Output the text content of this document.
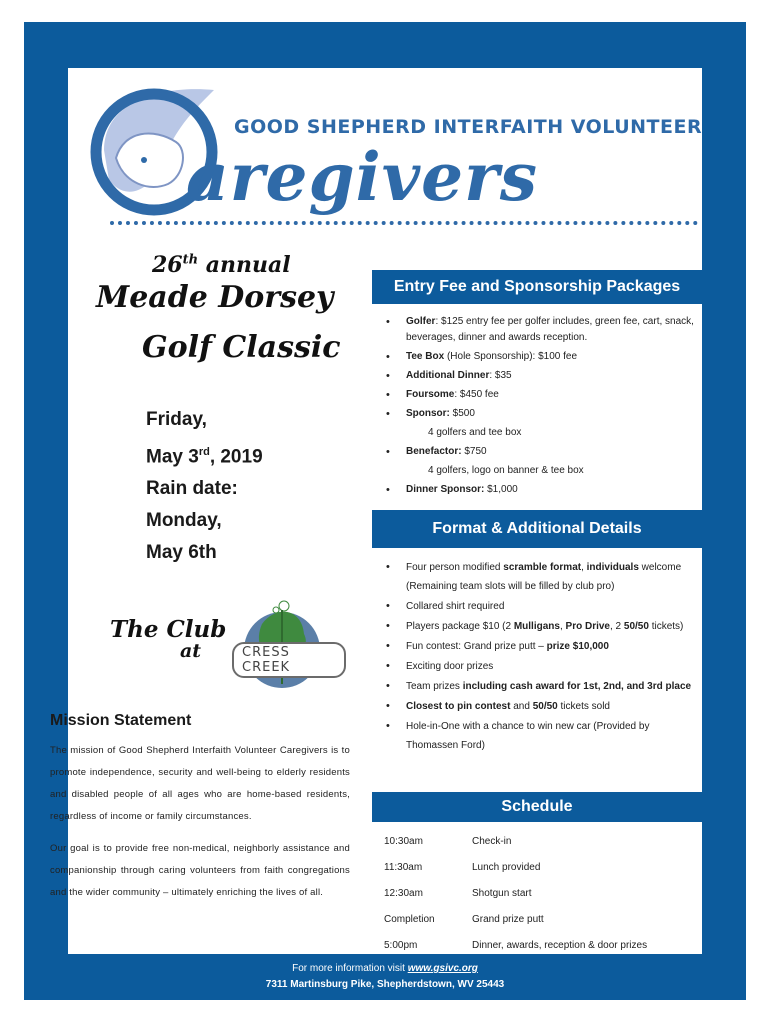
GOOD SHEPHERD INTERFAITH VOLUNTEER
aregivers
26th annual
Meade Dorsey
Golf Classic
Friday,
May 3rd, 2019
Rain date:
Monday,
May 6th
The Club
at	CRESS CREEK
Mission Statement

The mission of Good Shepherd Interfaith Volunteer Caregivers is to promote independence, security and well-being to elderly residents and disabled people of all ages who are home-based residents, regardless of income or family circumstances.

Our goal is to provide free non-medical, neighborly assistance and companionship through caring volunteers from faith congregations and the wider community – ultimately enriching the lives of all.

Entry Fee and Sponsorship Packages
• Golfer: $125 entry fee per golfer includes, green fee, cart, snack, beverages, dinner and awards reception.
• Tee Box (Hole Sponsorship): $100 fee
• Additional Dinner: $35
• Foursome: $450 fee
• Sponsor: $500
4 golfers and tee box
• Benefactor: $750
4 golfers, logo on banner & tee box
• Dinner Sponsor: $1,000
Format & Additional Details
• Four person modified scramble format, individuals welcome (Remaining team slots will be filled by club pro)
• Collared shirt required
• Players package $10 (2 Mulligans, Pro Drive, 2 50/50 tickets)
• Fun contest: Grand prize putt – prize $10,000
• Exciting door prizes
• Team prizes including cash award for 1st, 2nd, and 3rd place
• Closest to pin contest and 50/50 tickets sold
• Hole-in-One with a chance to win new car (Provided by Thomassen Ford)
Schedule
10:30am	Check-in
11:30am	Lunch provided
12:30am	Shotgun start
Completion	Grand prize putt
5:00pm	Dinner, awards, reception & door prizes
For more information visit www.gsivc.org
7311 Martinsburg Pike, Shepherdstown, WV 25443
